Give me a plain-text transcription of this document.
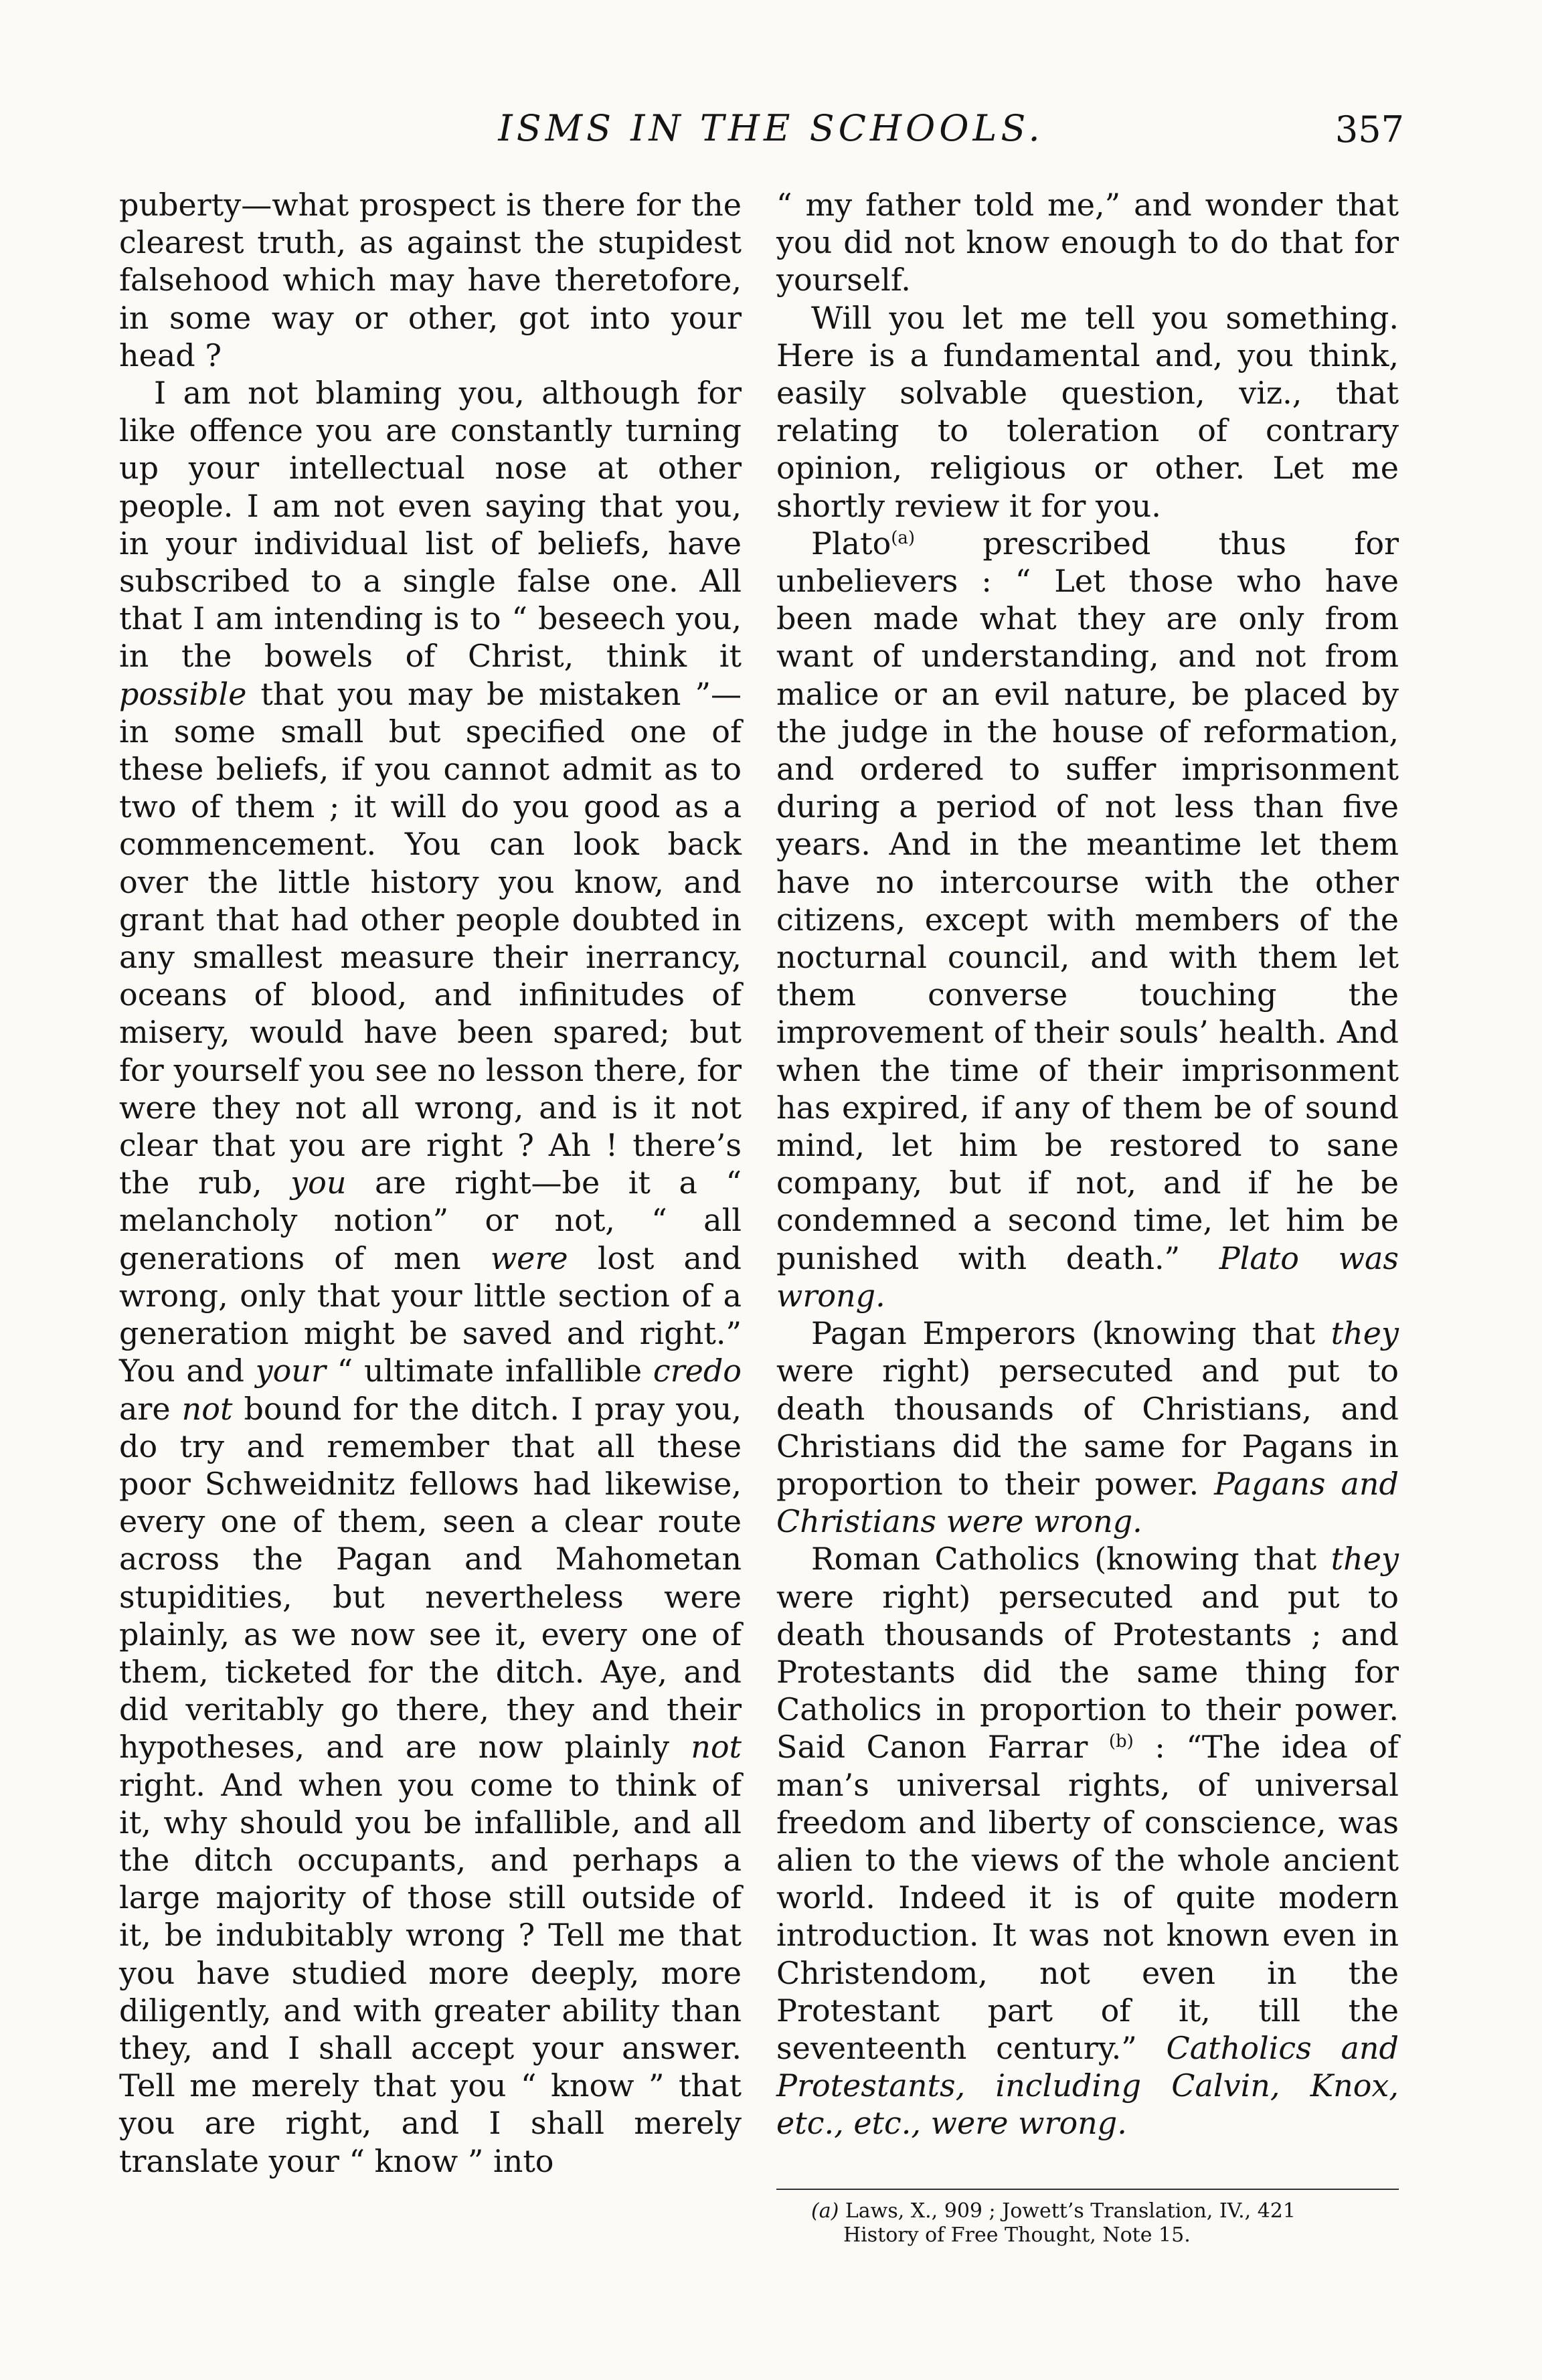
ISMS IN THE SCHOOLS.	357

puberty—what prospect is there for the clearest truth, as against the stupidest falsehood which may have theretofore, in some way or other, got into your head ?

I am not blaming you, although for like offence you are constantly turning up your intellectual nose at other people. I am not even saying that you, in your individual list of beliefs, have subscribed to a single false one. All that I am intending is to “ beseech you, in the bowels of Christ, think it possible that you may be mistaken ”—in some small but specified one of these beliefs, if you cannot admit as to two of them ; it will do you good as a commencement. You can look back over the little history you know, and grant that had other people doubted in any smallest measure their inerrancy, oceans of blood, and infinitudes of misery, would have been spared; but for yourself you see no lesson there, for were they not all wrong, and is it not clear that you are right ? Ah ! there’s the rub, you are right—be it a “ melancholy notion” or not, “ all generations of men were lost and wrong, only that your little section of a generation might be saved and right.” You and your “ ultimate infallible credo are not bound for the ditch. I pray you, do try and remember that all these poor Schweidnitz fellows had likewise, every one of them, seen a clear route across the Pagan and Mahometan stupidities, but nevertheless were plainly, as we now see it, every one of them, ticketed for the ditch. Aye, and did veritably go there, they and their hypotheses, and are now plainly not right. And when you come to think of it, why should you be infallible, and all the ditch occupants, and perhaps a large majority of those still outside of it, be indubitably wrong ? Tell me that you have studied more deeply, more diligently, and with greater ability than they, and I shall accept your answer. Tell me merely that you “ know ” that you are right, and I shall merely translate your “ know ” into

“ my father told me,” and wonder that you did not know enough to do that for yourself.

Will you let me tell you something. Here is a fundamental and, you think, easily solvable question, viz., that relating to toleration of contrary opinion, religious or other. Let me shortly review it for you.

Plato$^{(a)}$ prescribed thus for unbelievers : “ Let those who have been made what they are only from want of understanding, and not from malice or an evil nature, be placed by the judge in the house of reformation, and ordered to suffer imprisonment during a period of not less than five years. And in the meantime let them have no intercourse with the other citizens, except with members of the nocturnal council, and with them let them converse touching the improvement of their souls’ health. And when the time of their imprisonment has expired, if any of them be of sound mind, let him be restored to sane company, but if not, and if he be condemned a second time, let him be punished with death.” Plato was wrong.

Pagan Emperors (knowing that they were right) persecuted and put to death thousands of Christians, and Christians did the same for Pagans in proportion to their power. Pagans and Christians were wrong.

Roman Catholics (knowing that they were right) persecuted and put to death thousands of Protestants ; and Protestants did the same thing for Catholics in proportion to their power. Said Canon Farrar $^{(b)}$ : “The idea of man’s universal rights, of universal freedom and liberty of conscience, was alien to the views of the whole ancient world. Indeed it is of quite modern introduction. It was not known even in Christendom, not even in the Protestant part of it, till the seventeenth century.” Catholics and Protestants, including Calvin, Knox, etc., etc., were wrong.

(a) Laws, X., 909 ; Jowett’s Translation, IV., 421
History of Free Thought, Note 15.
